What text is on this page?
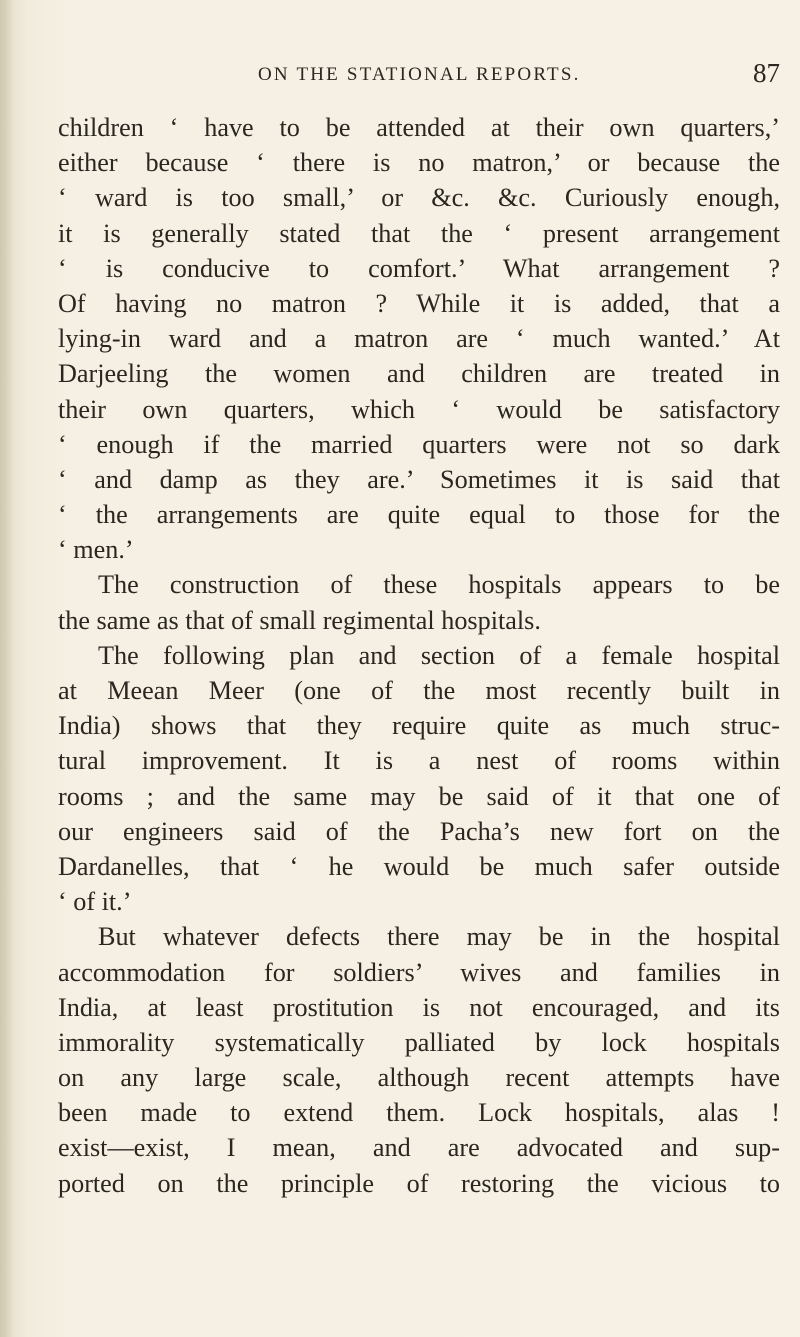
ON THE STATIONAL REPORTS.	87
children ‘ have to be attended at their own quarters,’
either because ‘ there is no matron,’ or because the
‘ ward is too small,’ or &c. &c. Curiously enough,
it is generally stated that the ‘ present arrangement
‘ is conducive to comfort.’ What arrangement ?
Of having no matron ? While it is added, that a
lying-in ward and a matron are ‘ much wanted.’ At
Darjeeling the women and children are treated in
their own quarters, which ‘ would be satisfactory
‘ enough if the married quarters were not so dark
‘ and damp as they are.’ Sometimes it is said that
‘ the arrangements are quite equal to those for the
‘ men.’
The construction of these hospitals appears to be
the same as that of small regimental hospitals.
The following plan and section of a female hospital
at Meean Meer (one of the most recently built in
India) shows that they require quite as much struc-
tural improvement. It is a nest of rooms within
rooms ; and the same may be said of it that one of
our engineers said of the Pacha’s new fort on the
Dardanelles, that ‘ he would be much safer outside
‘ of it.’
But whatever defects there may be in the hospital
accommodation for soldiers’ wives and families in
India, at least prostitution is not encouraged, and its
immorality systematically palliated by lock hospitals
on any large scale, although recent attempts have
been made to extend them. Lock hospitals, alas !
exist—exist, I mean, and are advocated and sup-
ported on the principle of restoring the vicious to
